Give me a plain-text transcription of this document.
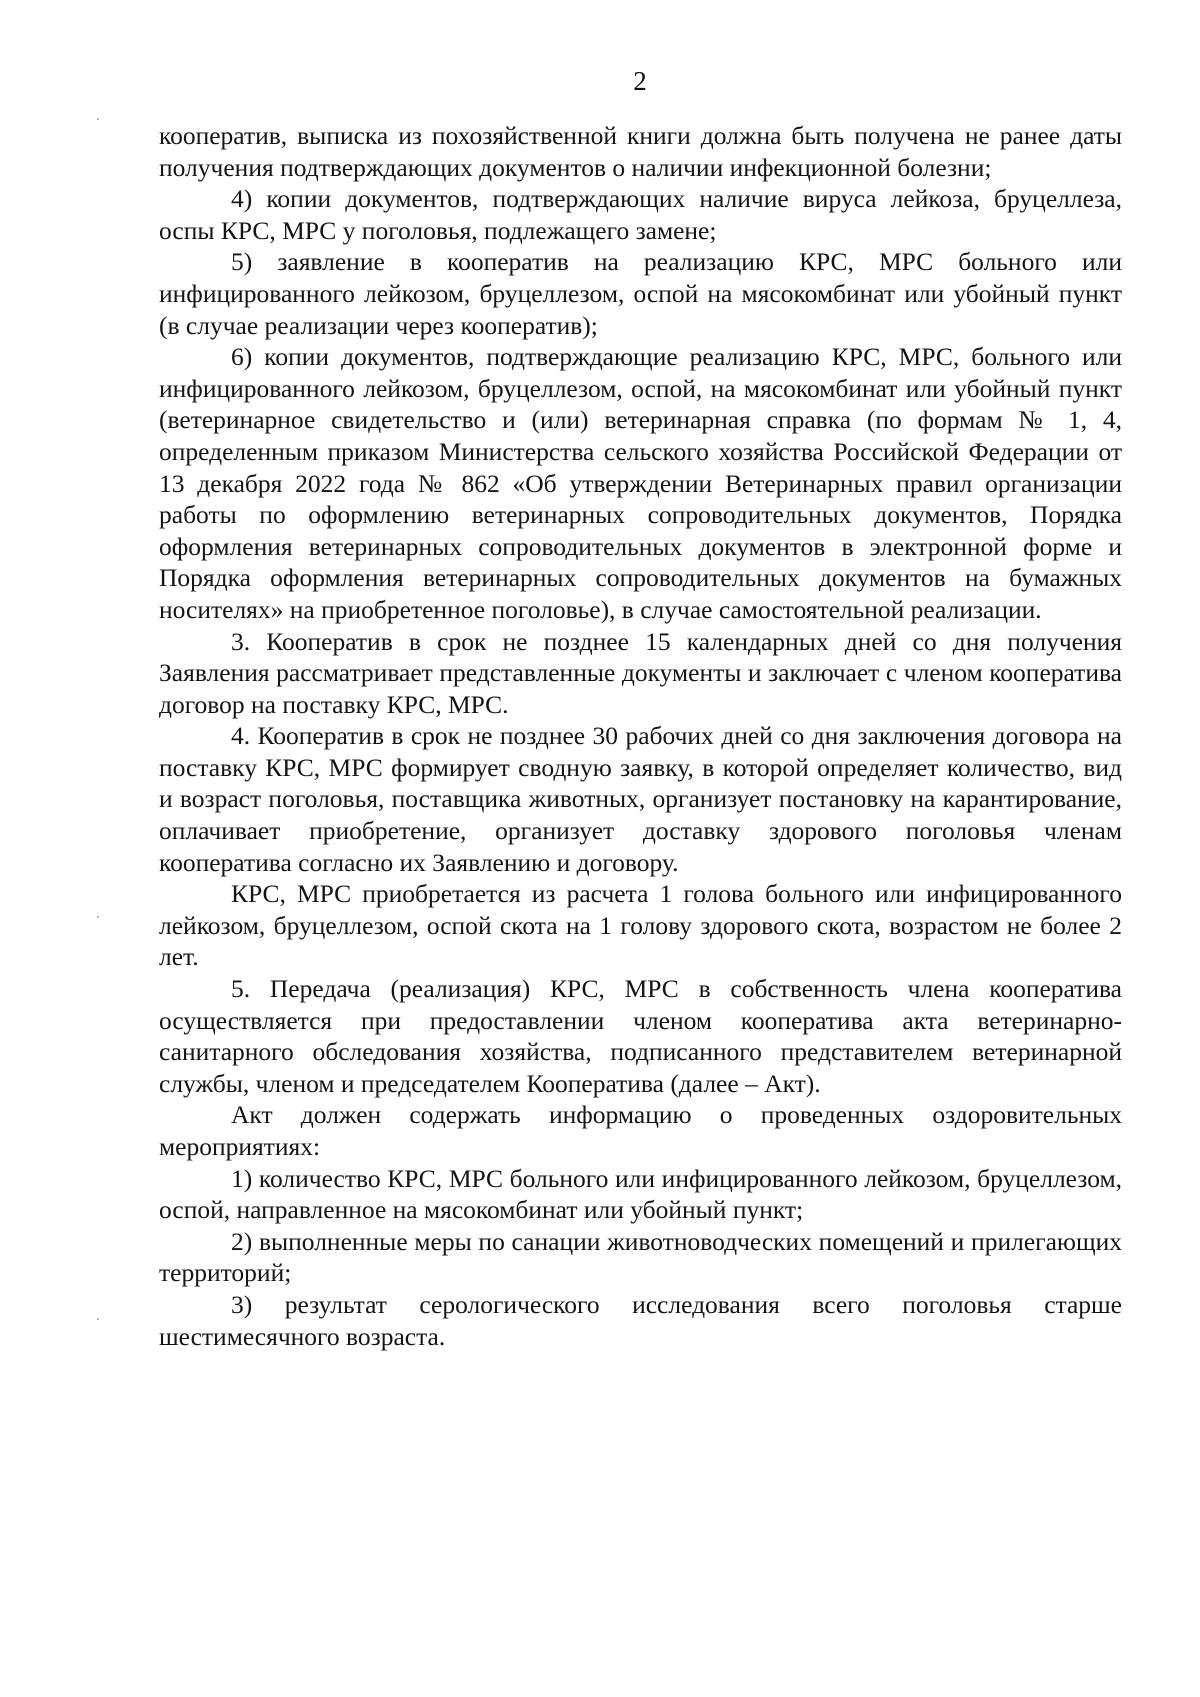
2

кооператив, выписка из похозяйственной книги должна быть получена не ранее даты получения подтверждающих документов о наличии инфекционной болезни;

4) копии документов, подтверждающих наличие вируса лейкоза, бруцеллеза, оспы КРС, МРС у поголовья, подлежащего замене;

5) заявление в кооператив на реализацию КРС, МРС больного или инфицированного лейкозом, бруцеллезом, оспой на мясокомбинат или убойный пункт (в случае реализации через кооператив);

6) копии документов, подтверждающие реализацию КРС, МРС, больного или инфицированного лейкозом, бруцеллезом, оспой, на мясокомбинат или убойный пункт (ветеринарное свидетельство и (или) ветеринарная справка (по формам № 1, 4, определенным приказом Министерства сельского хозяйства Российской Федерации от 13 декабря 2022 года № 862 «Об утверждении Ветеринарных правил организации работы по оформлению ветеринарных сопроводительных документов, Порядка оформления ветеринарных сопроводительных документов в электронной форме и Порядка оформления ветеринарных сопроводительных документов на бумажных носителях» на приобретенное поголовье), в случае самостоятельной реализации.

3. Кооператив в срок не позднее 15 календарных дней со дня получения Заявления рассматривает представленные документы и заключает с членом кооператива договор на поставку КРС, МРС.

4. Кооператив в срок не позднее 30 рабочих дней со дня заключения договора на поставку КРС, МРС формирует сводную заявку, в которой определяет количество, вид и возраст поголовья, поставщика животных, организует постановку на карантирование, оплачивает приобретение, организует доставку здорового поголовья членам кооператива согласно их Заявлению и договору.

КРС, МРС приобретается из расчета 1 голова больного или инфицированного лейкозом, бруцеллезом, оспой скота на 1 голову здорового скота, возрастом не более 2 лет.

5. Передача (реализация) КРС, МРС в собственность члена кооператива осуществляется при предоставлении членом кооператива акта ветеринарно-санитарного обследования хозяйства, подписанного представителем ветеринарной службы, членом и председателем Кооператива (далее – Акт).

Акт должен содержать информацию о проведенных оздоровительных мероприятиях:

1) количество КРС, МРС больного или инфицированного лейкозом, бруцеллезом, оспой, направленное на мясокомбинат или убойный пункт;

2) выполненные меры по санации животноводческих помещений и прилегающих территорий;

3) результат серологического исследования всего поголовья старше шестимесячного возраста.
